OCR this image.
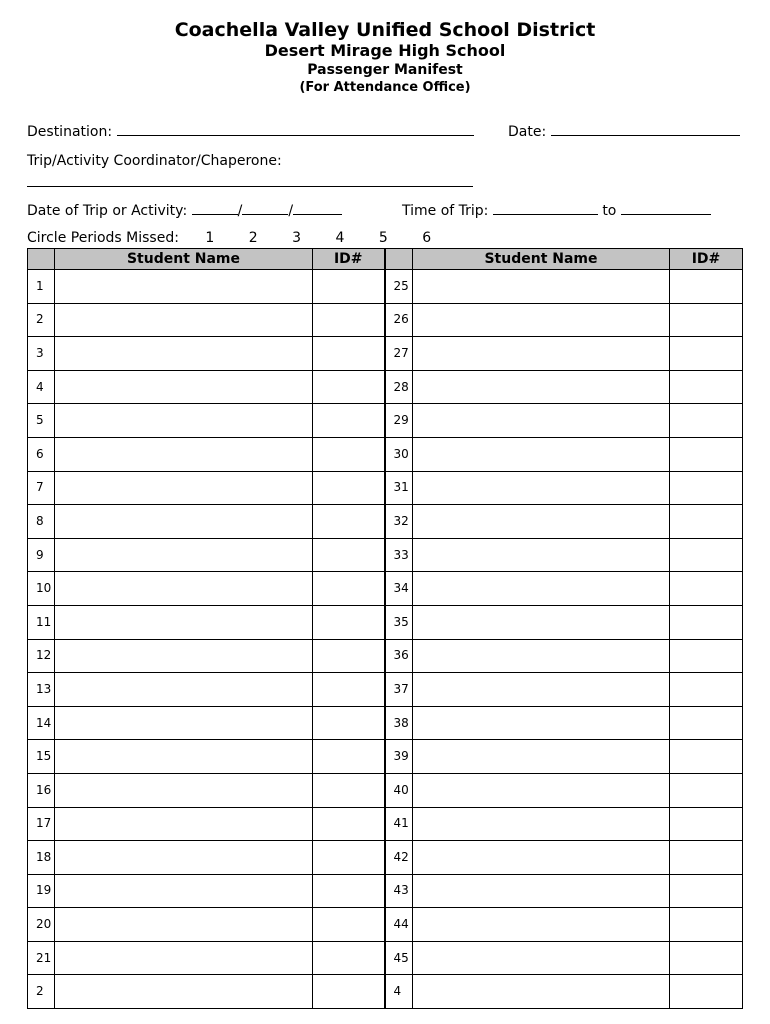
Coachella Valley Unified School District
Desert Mirage High School
Passenger Manifest
(For Attendance Office)
Destination:	Date:
Trip/Activity Coordinator/Chaperone:
Date of Trip or Activity:	/	/	Time of Trip:	to
Circle Periods Missed: 1 2 3 4 5 6
	Student Name	ID#		Student Name	ID#
1			25		
2			26		
3			27		
4			28		
5			29		
6			30		
7			31		
8			32		
9			33		
10			34		
11			35		
12			36		
13			37		
14			38		
15			39		
16			40		
17			41		
18			42		
19			43		
20			44		
21			45		
2			4		
